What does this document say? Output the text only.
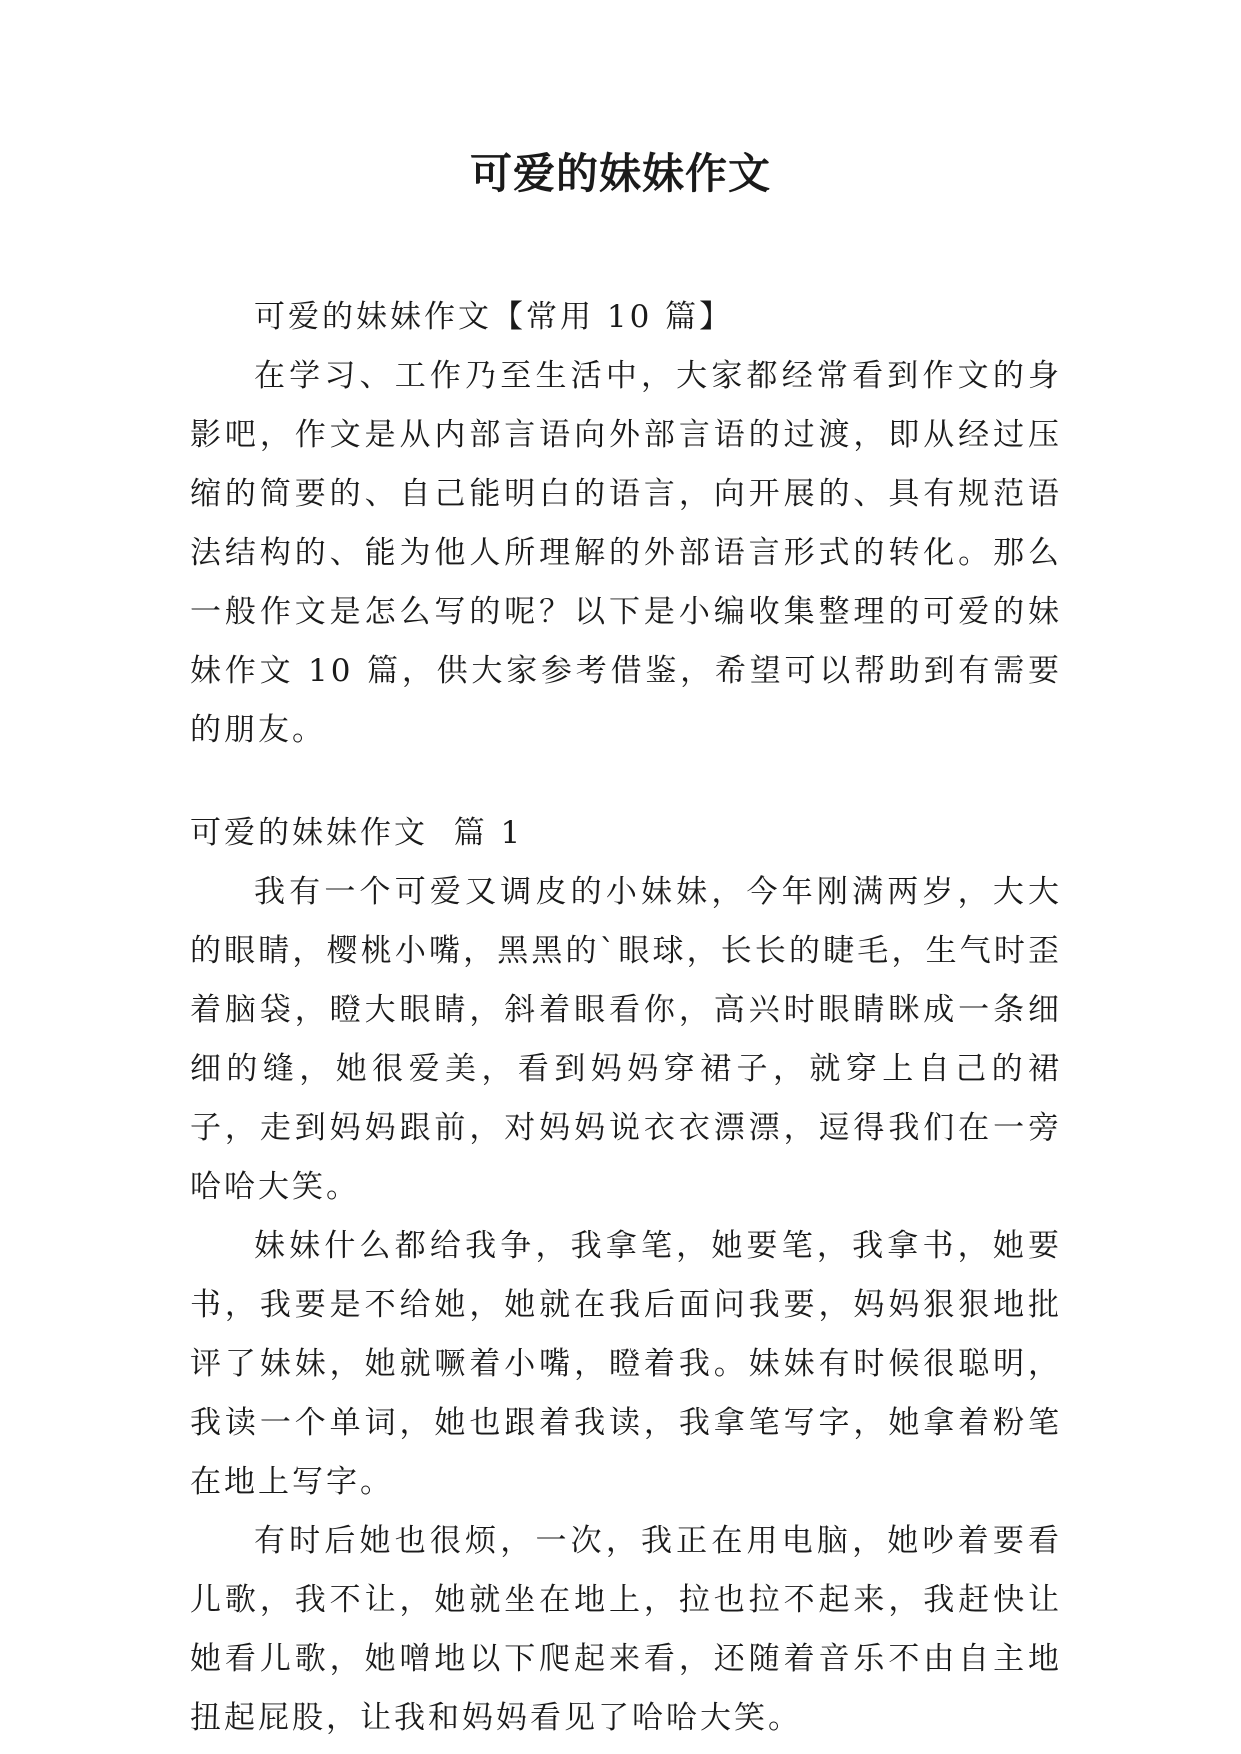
可爱的妹妹作文

可爱的妹妹作文【常用 10 篇】

在学习、工作乃至生活中，大家都经常看到作文的身影吧，作文是从内部言语向外部言语的过渡，即从经过压缩的简要的、自己能明白的语言，向开展的、具有规范语法结构的、能为他人所理解的外部语言形式的转化。那么一般作文是怎么写的呢？以下是小编收集整理的可爱的妹妹作文 10 篇，供大家参考借鉴，希望可以帮助到有需要的朋友。

可爱的妹妹作文  篇 1

我有一个可爱又调皮的小妹妹，今年刚满两岁，大大的眼睛，樱桃小嘴，黑黑的`眼球，长长的睫毛，生气时歪着脑袋，瞪大眼睛，斜着眼看你，高兴时眼睛眯成一条细细的缝，她很爱美，看到妈妈穿裙子，就穿上自己的裙子，走到妈妈跟前，对妈妈说衣衣漂漂，逗得我们在一旁哈哈大笑。

妹妹什么都给我争，我拿笔，她要笔，我拿书，她要书，我要是不给她，她就在我后面问我要，妈妈狠狠地批评了妹妹，她就噘着小嘴，瞪着我。妹妹有时候很聪明，我读一个单词，她也跟着我读，我拿笔写字，她拿着粉笔在地上写字。

有时后她也很烦，一次，我正在用电脑，她吵着要看儿歌，我不让，她就坐在地上，拉也拉不起来，我赶快让她看儿歌，她噌地以下爬起来看，还随着音乐不由自主地扭起屁股，让我和妈妈看见了哈哈大笑。
